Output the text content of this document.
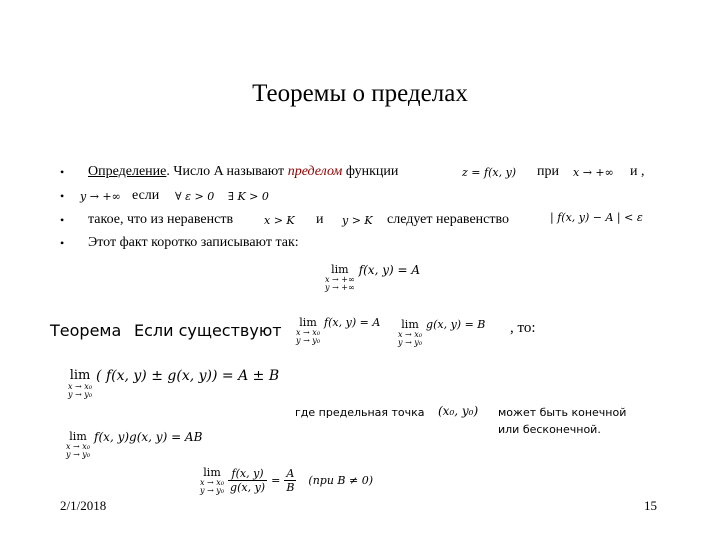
Теоремы о пределах
• Определение. Число A называют пределом функции	z = f(x, y) при x → +∞ и ,
• y → +∞ если ∀ ε > 0 ∃ K > 0
• такое, что из неравенств	x > K и y > K следует неравенство	| f(x, y) − A | < ε
• Этот факт коротко записывают так:
lim
x → +∞
y → +∞
$^{f(x, y) = A}$
Теорема Если существуют lim
x → x₀
y → y₀
$^{f(x, y) = A}$ lim
x → x₀
y → y₀
$^{g(x, y) = B}$ , то:
lim
x → x₀
y → y₀
( f(x, y) ± g(x, y)) = A ± B
где предельная точка (x₀, y₀) может быть конечной
или бесконечной.
lim
x → x₀
y → y₀
$^{f(x, y)g(x, y) = AB}$
lim
x → x₀
y → y₀
$\frac{f(x, y)}{g(x, y)} = \frac{A}{B} (при$ B ≠ 0)
2/1/2018	15
